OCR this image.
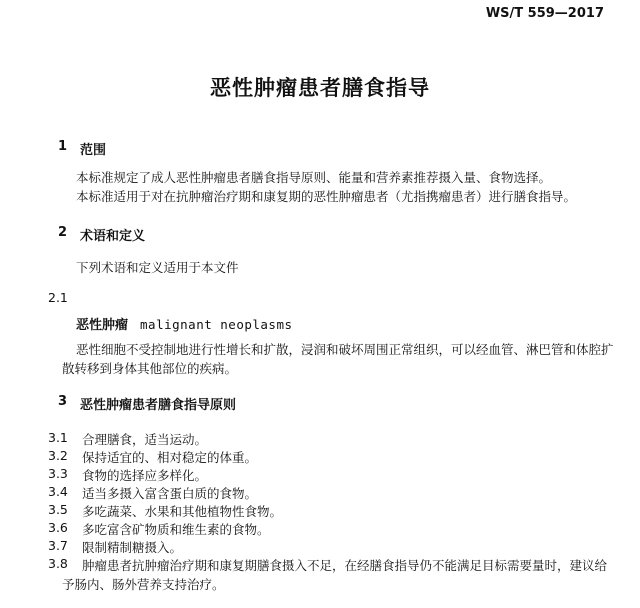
WS/T 559—2017
恶性肿瘤患者膳食指导
1 范围
本标准规定了成人恶性肿瘤患者膳食指导原则、能量和营养素推荐摄入量、食物选择。
本标准适用于对在抗肿瘤治疗期和康复期的恶性肿瘤患者（尤指携瘤患者）进行膳食指导。
2 术语和定义
下列术语和定义适用于本文件
2.1
恶性肿瘤 malignant neoplasms
恶性细胞不受控制地进行性增长和扩散，浸润和破坏周围正常组织，可以经血管、淋巴管和体腔扩
散转移到身体其他部位的疾病。
3 恶性肿瘤患者膳食指导原则
3.1 合理膳食，适当运动。
3.2 保持适宜的、相对稳定的体重。
3.3 食物的选择应多样化。
3.4 适当多摄入富含蛋白质的食物。
3.5 多吃蔬菜、水果和其他植物性食物。
3.6 多吃富含矿物质和维生素的食物。
3.7 限制精制糖摄入。
3.8 肿瘤患者抗肿瘤治疗期和康复期膳食摄入不足，在经膳食指导仍不能满足目标需要量时，建议给
予肠内、肠外营养支持治疗。
